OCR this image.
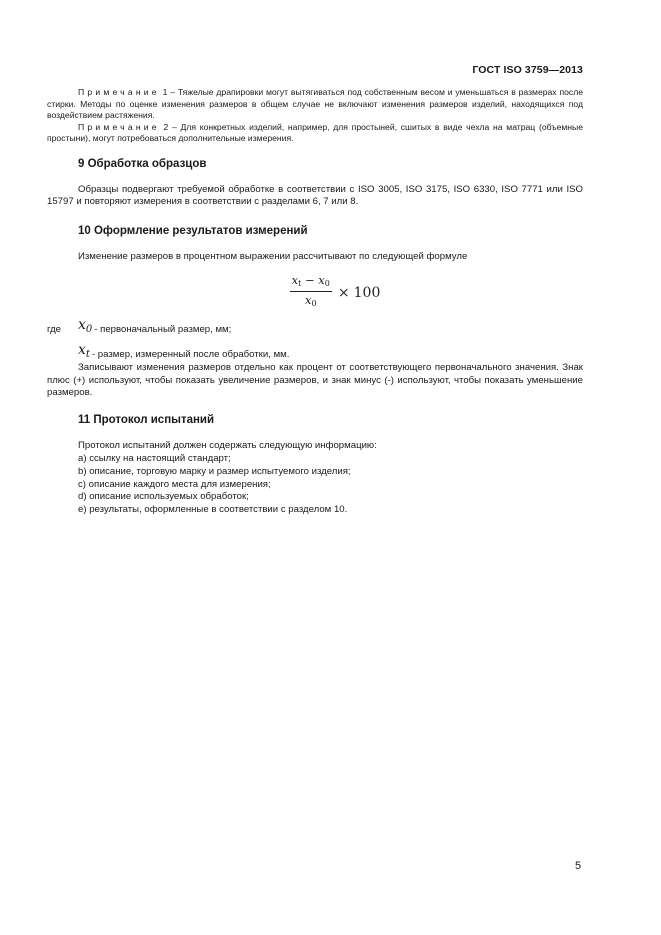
ГОСТ ISO 3759—2013

Примечание 1 – Тяжелые драпировки могут вытягиваться под собственным весом и уменьшаться в размерах после стирки. Методы по оценке изменения размеров в общем случае не включают изменения размеров изделий, находящихся под воздействием растяжения.

Примечание 2 – Для конкретных изделий, например, для простыней, сшитых в виде чехла на матрац (объемные простыни), могут потребоваться дополнительные измерения.

9 Обработка образцов

Образцы подвергают требуемой обработке в соответствии с ISO 3005, ISO 3175, ISO 6330, ISO 7771 или ISO 15797 и повторяют измерения в соответствии с разделами 6, 7 или 8.

10 Оформление результатов измерений

Изменение размеров в процентном выражении рассчитывают по следующей формуле

$\frac{x_t - x_0}{x_0} \times 100$
где	$x_0$ - первоначальный размер, мм;
$x_t$ - размер, измеренный после обработки, мм.

Записывают изменения размеров отдельно как процент от соответствующего первоначального значения. Знак плюс (+) используют, чтобы показать увеличение размеров, и знак минус (-) используют, чтобы показать уменьшение размеров.

11 Протокол испытаний

Протокол испытаний должен содержать следующую информацию:

а) ссылку на настоящий стандарт;

b) описание, торговую марку и размер испытуемого изделия;

с) описание каждого места для измерения;

d) описание используемых обработок;

е) результаты, оформленные в соответствии с разделом 10.

5
